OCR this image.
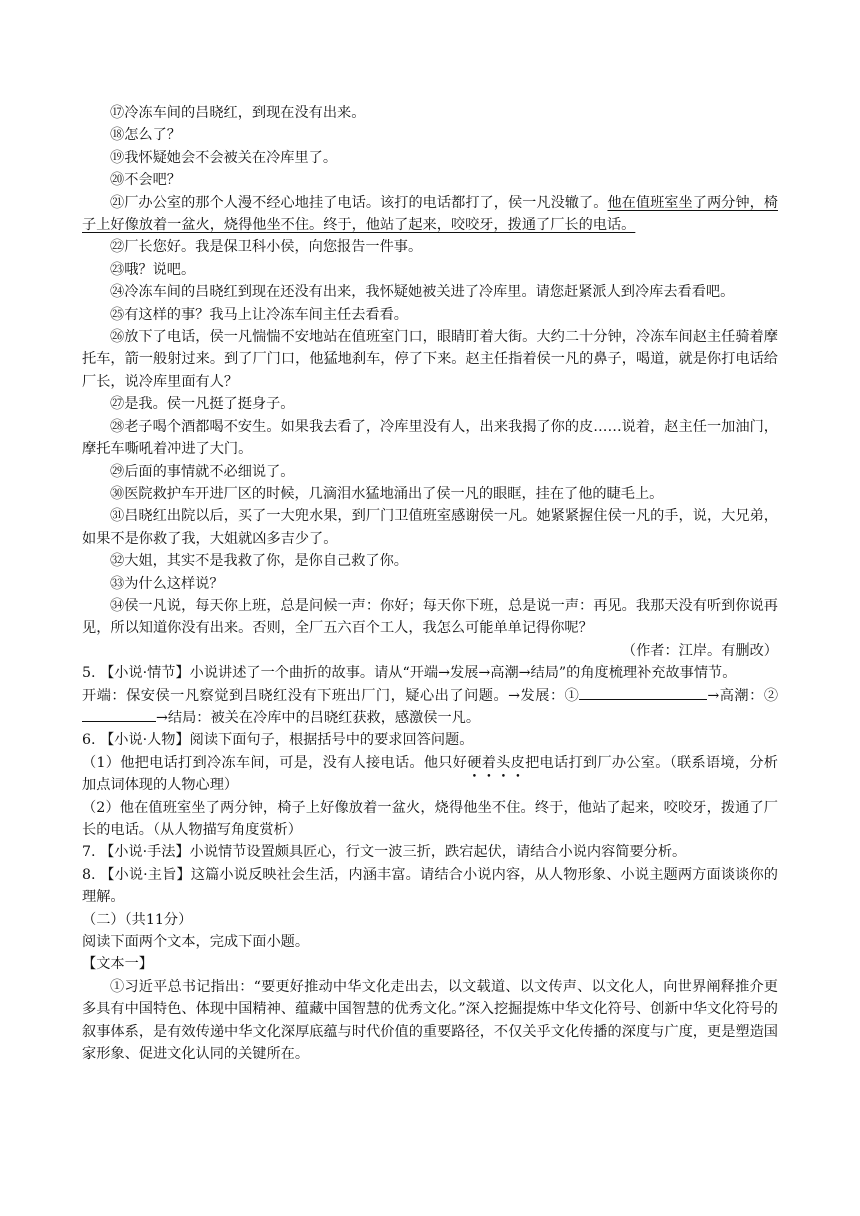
⑰冷冻车间的吕晓红，到现在没有出来。

⑱怎么了？

⑲我怀疑她会不会被关在冷库里了。

⑳不会吧？

㉑厂办公室的那个人漫不经心地挂了电话。该打的电话都打了，侯一凡没辙了。他在值班室坐了两分钟，椅子上好像放着一盆火，烧得他坐不住。终于，他站了起来，咬咬牙，拨通了厂长的电话。

㉒厂长您好。我是保卫科小侯，向您报告一件事。

㉓哦？说吧。

㉔冷冻车间的吕晓红到现在还没有出来，我怀疑她被关进了冷库里。请您赶紧派人到冷库去看看吧。

㉕有这样的事？我马上让冷冻车间主任去看看。

㉖放下了电话，侯一凡惴惴不安地站在值班室门口，眼睛盯着大街。大约二十分钟，冷冻车间赵主任骑着摩托车，箭一般射过来。到了厂门口，他猛地刹车，停了下来。赵主任指着侯一凡的鼻子，喝道，就是你打电话给厂长，说冷库里面有人？

㉗是我。侯一凡挺了挺身子。

㉘老子喝个酒都喝不安生。如果我去看了，冷库里没有人，出来我揭了你的皮……说着，赵主任一加油门，摩托车嘶吼着冲进了大门。

㉙后面的事情就不必细说了。

㉚医院救护车开进厂区的时候，几滴泪水猛地涌出了侯一凡的眼眶，挂在了他的睫毛上。

㉛吕晓红出院以后，买了一大兜水果，到厂门卫值班室感谢侯一凡。她紧紧握住侯一凡的手，说，大兄弟，如果不是你救了我，大姐就凶多吉少了。

㉜大姐，其实不是我救了你，是你自己救了你。

㉝为什么这样说？

㉞侯一凡说，每天你上班，总是问候一声：你好；每天你下班，总是说一声：再见。我那天没有听到你说再见，所以知道你没有出来。否则，全厂五六百个工人，我怎么可能单单记得你呢？

（作者：江岸。有删改）

5. 【小说·情节】小说讲述了一个曲折的故事。请从“开端→发展→高潮→结局”的角度梳理补充故事情节。

开端：保安侯一凡察觉到吕晓红没有下班出厂门，疑心出了问题。→发展：①	→高潮：②→结局：被关在冷库中的吕晓红获救，感激侯一凡。

6. 【小说·人物】阅读下面句子，根据括号中的要求回答问题。

（1）他把电话打到冷冻车间，可是，没有人接电话。他只好硬着头皮把电话打到厂办公室。（联系语境，分析加点词体现的人物心理）

（2）他在值班室坐了两分钟，椅子上好像放着一盆火，烧得他坐不住。终于，他站了起来，咬咬牙，拨通了厂长的电话。（从人物描写角度赏析）

7. 【小说·手法】小说情节设置颇具匠心，行文一波三折，跌宕起伏，请结合小说内容简要分析。

8. 【小说·主旨】这篇小说反映社会生活，内涵丰富。请结合小说内容，从人物形象、小说主题两方面谈谈你的理解。

（二）（共11分）

阅读下面两个文本，完成下面小题。

【文本一】

①习近平总书记指出：“要更好推动中华文化走出去，以文载道、以文传声、以文化人，向世界阐释推介更多具有中国特色、体现中国精神、蕴藏中国智慧的优秀文化。”深入挖掘提炼中华文化符号、创新中华文化符号的叙事体系，是有效传递中华文化深厚底蕴与时代价值的重要路径，不仅关乎文化传播的深度与广度，更是塑造国家形象、促进文化认同的关键所在。
